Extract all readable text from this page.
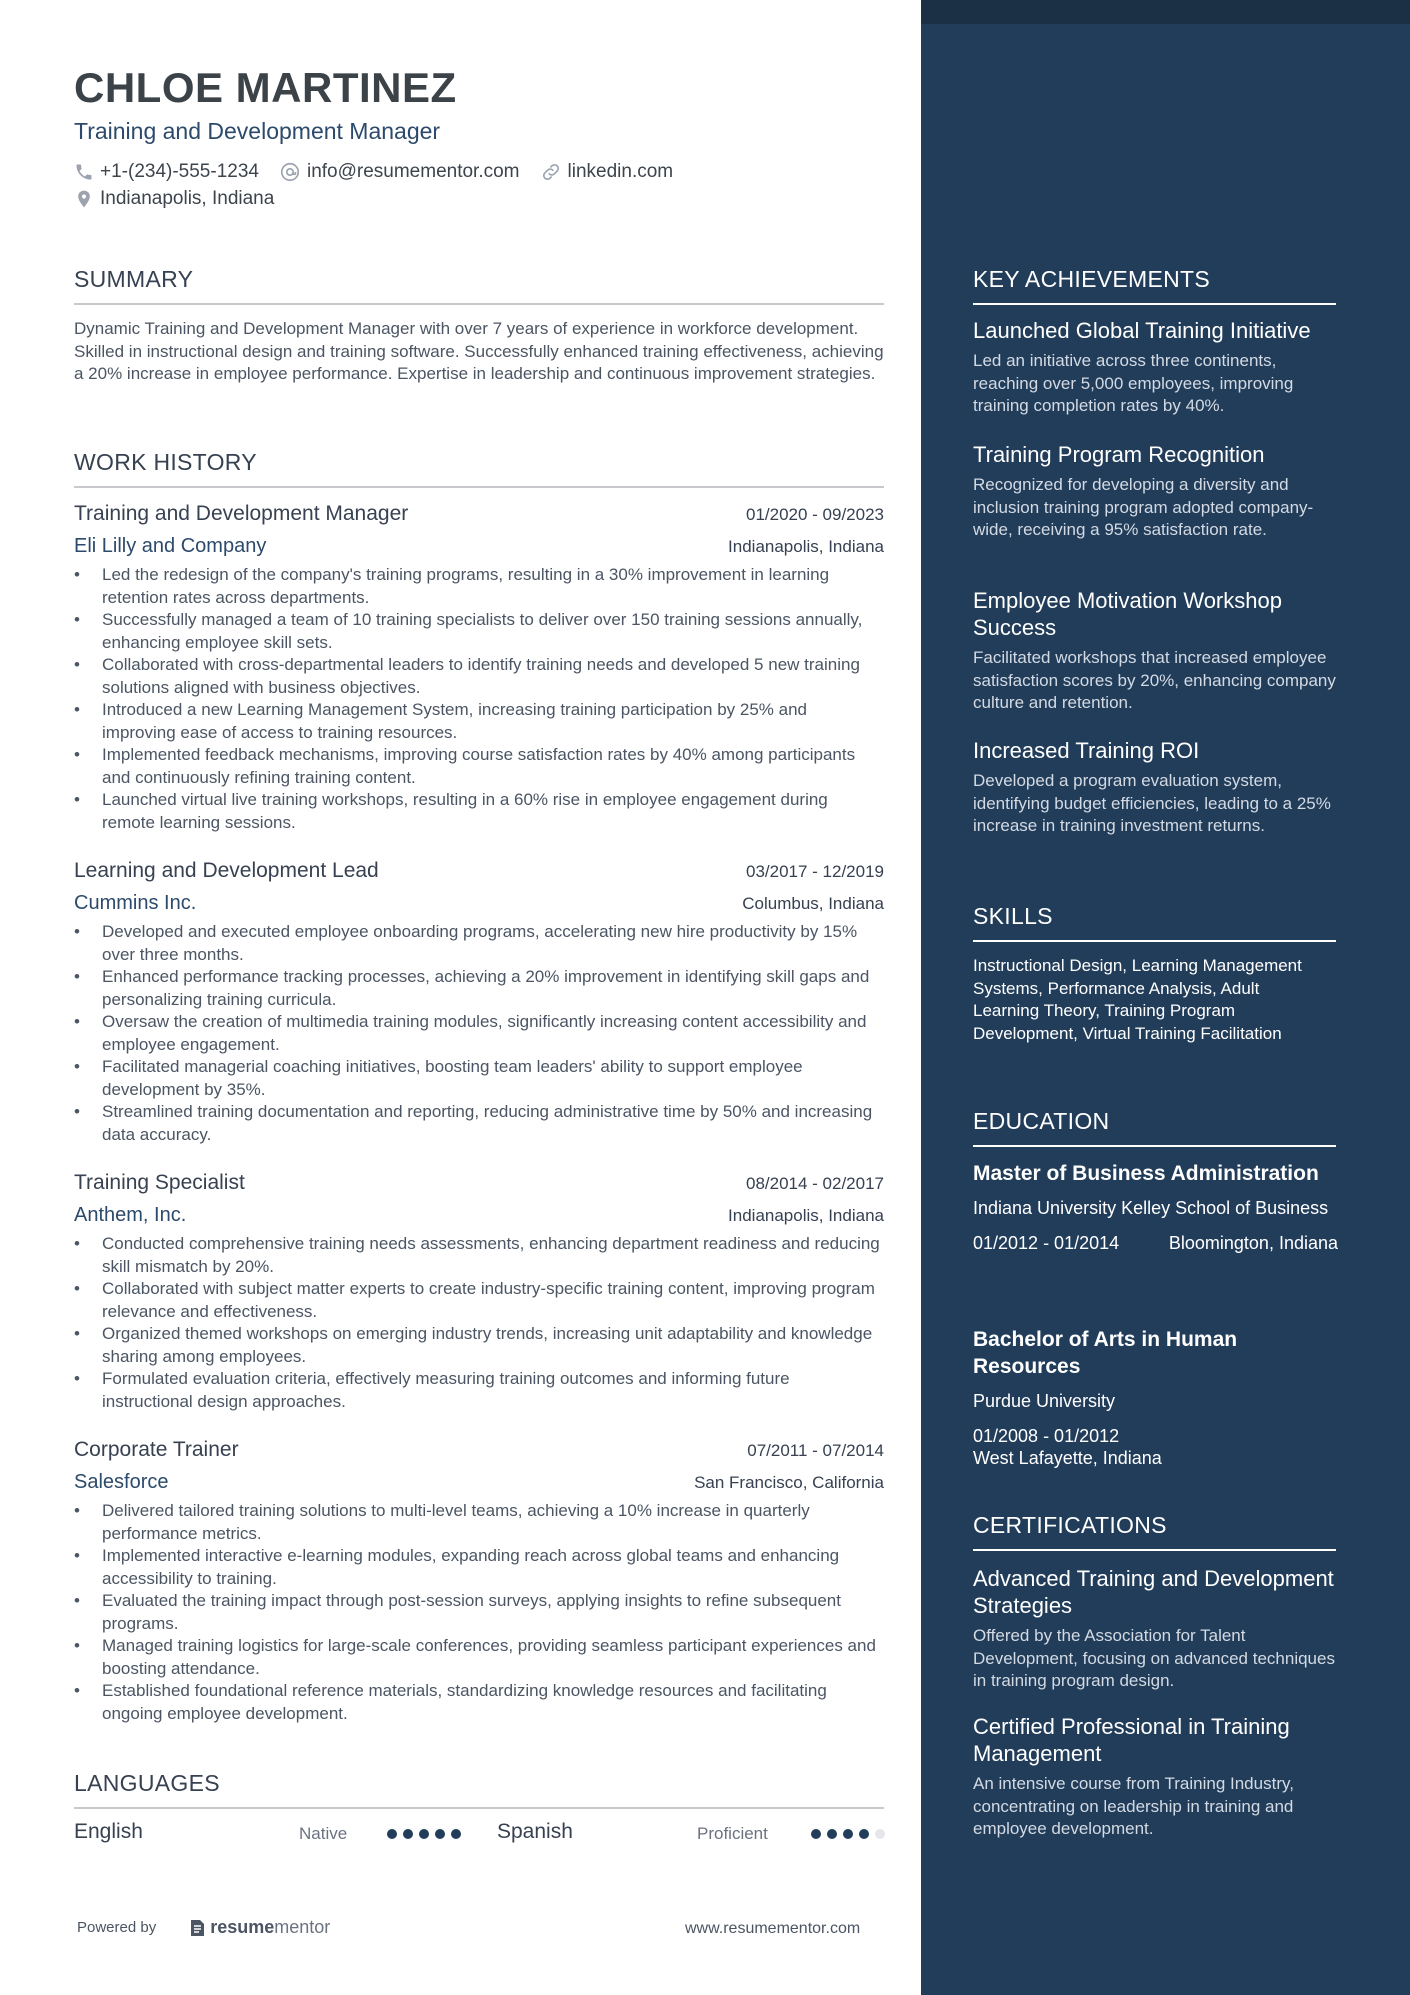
CHLOE MARTINEZ
Training and Development Manager
+1-(234)-555-1234	info@resumementor.com	linkedin.com
Indianapolis, Indiana
SUMMARY
Dynamic Training and Development Manager with over 7 years of experience in workforce development. Skilled in instructional design and training software. Successfully enhanced training effectiveness, achieving a 20% increase in employee performance. Expertise in leadership and continuous improvement strategies.
WORK HISTORY
Training and Development Manager	01/2020 - 09/2023
Eli Lilly and Company	Indianapolis, Indiana
• Led the redesign of the company's training programs, resulting in a 30% improvement in learning retention rates across departments.
• Successfully managed a team of 10 training specialists to deliver over 150 training sessions annually, enhancing employee skill sets.
• Collaborated with cross-departmental leaders to identify training needs and developed 5 new training solutions aligned with business objectives.
• Introduced a new Learning Management System, increasing training participation by 25% and improving ease of access to training resources.
• Implemented feedback mechanisms, improving course satisfaction rates by 40% among participants and continuously refining training content.
• Launched virtual live training workshops, resulting in a 60% rise in employee engagement during remote learning sessions.
Learning and Development Lead	03/2017 - 12/2019
Cummins Inc.	Columbus, Indiana
• Developed and executed employee onboarding programs, accelerating new hire productivity by 15% over three months.
• Enhanced performance tracking processes, achieving a 20% improvement in identifying skill gaps and personalizing training curricula.
• Oversaw the creation of multimedia training modules, significantly increasing content accessibility and employee engagement.
• Facilitated managerial coaching initiatives, boosting team leaders' ability to support employee development by 35%.
• Streamlined training documentation and reporting, reducing administrative time by 50% and increasing data accuracy.
Training Specialist	08/2014 - 02/2017
Anthem, Inc.	Indianapolis, Indiana
• Conducted comprehensive training needs assessments, enhancing department readiness and reducing skill mismatch by 20%.
• Collaborated with subject matter experts to create industry-specific training content, improving program relevance and effectiveness.
• Organized themed workshops on emerging industry trends, increasing unit adaptability and knowledge sharing among employees.
• Formulated evaluation criteria, effectively measuring training outcomes and informing future instructional design approaches.
Corporate Trainer	07/2011 - 07/2014
Salesforce	San Francisco, California
• Delivered tailored training solutions to multi-level teams, achieving a 10% increase in quarterly performance metrics.
• Implemented interactive e-learning modules, expanding reach across global teams and enhancing accessibility to training.
• Evaluated the training impact through post-session surveys, applying insights to refine subsequent programs.
• Managed training logistics for large-scale conferences, providing seamless participant experiences and boosting attendance.
• Established foundational reference materials, standardizing knowledge resources and facilitating ongoing employee development.
LANGUAGES
English	Native	Spanish	Proficient
Powered by	resume mentor	www.resumementor.com
KEY ACHIEVEMENTS
Launched Global Training Initiative
Led an initiative across three continents, reaching over 5,000 employees, improving training completion rates by 40%.
Training Program Recognition
Recognized for developing a diversity and inclusion training program adopted company-wide, receiving a 95% satisfaction rate.
Employee Motivation Workshop Success
Facilitated workshops that increased employee satisfaction scores by 20%, enhancing company culture and retention.
Increased Training ROI
Developed a program evaluation system, identifying budget efficiencies, leading to a 25% increase in training investment returns.
SKILLS
Instructional Design, Learning Management Systems, Performance Analysis, Adult Learning Theory, Training Program Development, Virtual Training Facilitation
EDUCATION
Master of Business Administration
Indiana University Kelley School of Business
01/2012 - 01/2014	Bloomington, Indiana
Bachelor of Arts in Human Resources
Purdue University
01/2008 - 01/2012
West Lafayette, Indiana
CERTIFICATIONS
Advanced Training and Development Strategies
Offered by the Association for Talent Development, focusing on advanced techniques in training program design.
Certified Professional in Training Management
An intensive course from Training Industry, concentrating on leadership in training and employee development.
